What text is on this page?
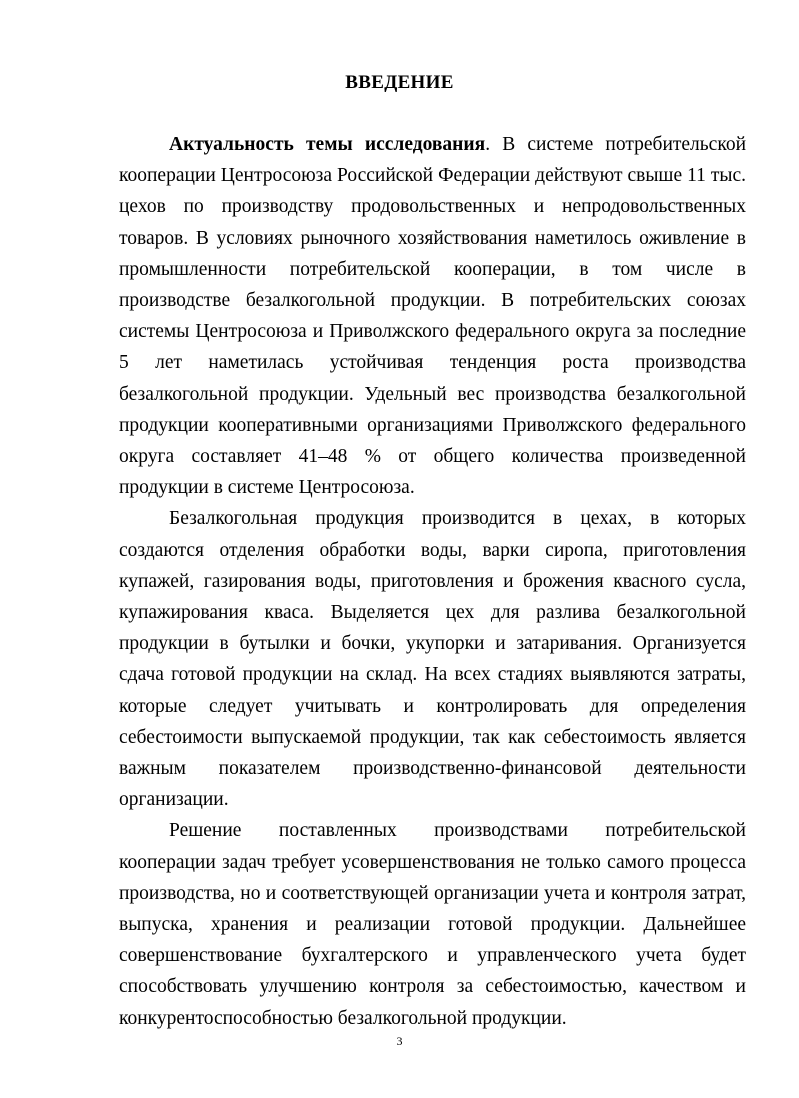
ВВЕДЕНИЕ

Актуальность темы исследования. В системе потребительской кооперации Центросоюза Российской Федерации действуют свыше 11 тыс. цехов по производству продовольственных и непродовольственных товаров. В условиях рыночного хозяйствования наметилось оживление в промышленности потребительской кооперации, в том числе в производстве безалкогольной продукции. В потребительских союзах системы Центросоюза и Приволжского федерального округа за последние 5 лет наметилась устойчивая тенденция роста производства безалкогольной продукции. Удельный вес производства безалкогольной продукции кооперативными организациями Приволжского федерального округа составляет 41–48 % от общего количества произведенной продукции в системе Центросоюза.

Безалкогольная продукция производится в цехах, в которых создаются отделения обработки воды, варки сиропа, приготовления купажей, газирования воды, приготовления и брожения квасного сусла, купажирования кваса. Выделяется цех для разлива безалкогольной продукции в бутылки и бочки, укупорки и затаривания. Организуется сдача готовой продукции на склад. На всех стадиях выявляются затраты, которые следует учитывать и контролировать для определения себестоимости выпускаемой продукции, так как себестоимость является важным показателем производственно-финансовой деятельности организации.

Решение поставленных производствами потребительской кооперации задач требует усовершенствования не только самого процесса производства, но и соответствующей организации учета и контроля затрат, выпуска, хранения и реализации готовой продукции. Дальнейшее совершенствование бухгалтерского и управленческого учета будет способствовать улучшению контроля за себестоимостью, качеством и конкурентоспособностью безалкогольной продукции.

3
